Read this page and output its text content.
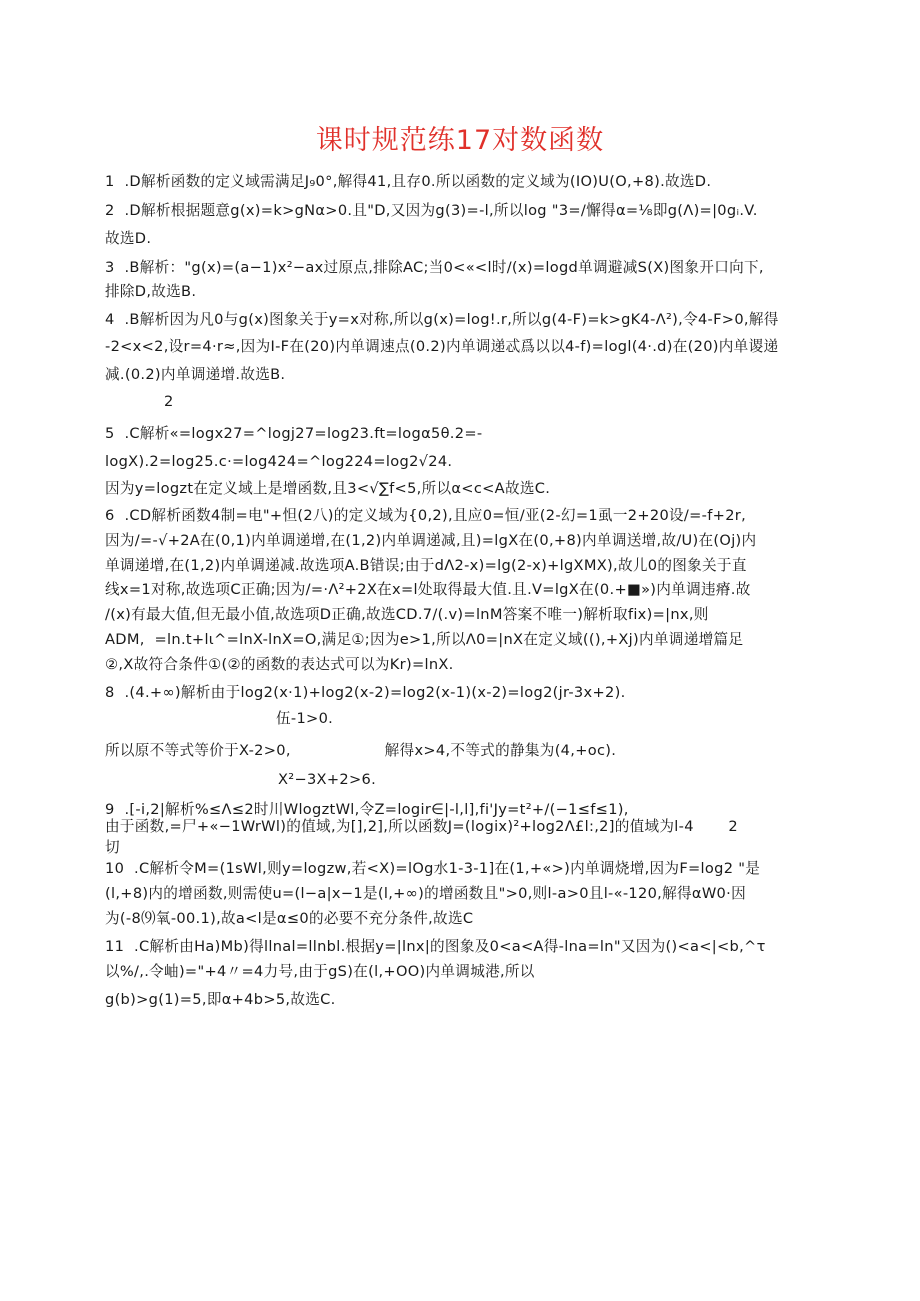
课时规范练17对数函数
1  .D解析函数的定义域需满足J₉0°,解得41,且存0.所以函数的定义域为(IO)U(O,+8).故选D.
2  .D解析根据题意g(x)=k>gNα>0.且"D,又因为g(3)=-l,所以log "3=/懈得α=⅛即g(Λ)=|0gᵢ.V.
故选D.
3  .B解析："g(x)=(a−1)x²−ax过原点,排除AC;当0<«<l时/(x)=logd单调避减S(X)图象开口向下,
排除D,故选B.
4  .B解析因为凡0与g(x)图象关于y=x对称,所以g(x)=log!.r,所以g(4-F)=k>gK4-Λ²),令4-F>0,解得
-2<x<2,设r=4·r≈,因为I-F在(20)内单调速点(0.2)内单调递忒爲以以4-f)=logl(4·.d)在(20)内单谡递
减.(0.2)内单调递增.故选B.
2
5  .C解析«=logx27=^logj27=log23.ft=logα5θ.2=-
logX).2=log25.c·=log424=^log224=log2√24.
因为y=logzt在定义域上是增函数,且3<√∑f<5,所以α<c<A故选C.
6  .CD解析函数4制=电"+怛(2八)的定义域为{0,2),且应0=恒/亚(2-幻=1虱一2+20设/=-f+2r,
因为/=-√+2A在(0,1)内单调递增,在(1,2)内单调递减,且)=lgX在(0,+8)内单调送增,故/U)在(Oj)内
单调递增,在(1,2)内单调递减.故选项A.B错误;由于dΛ2-x)=lg(2-x)+lgXMX),故儿0的图象关于直
线x=1对称,故选项C正确;因为/=·Λ²+2X在x=l处取得最大值.且.V=lgX在(0.+■»)内单调违瘠.故
/(x)有最大值,但无最小值,故选项D正确,故选CD.7/(.v)=lnM答案不唯一)解析取fix)=|nx,则
ADM,  =ln.t+lι^=lnX-lnX=O,满足①;因为e>1,所以Λ0=|nX在定义域((),+Xj)内单调递增篇足
②,X故符合条件①(②的函数的表达式可以为Kr)=lnX.
8  .(4.+∞)解析由于log2(x·1)+log2(x-2)=log2(x-1)(x-2)=log2(jr-3x+2).
伍-1>0.
所以原不等式等价于X-2>0,                   解得x>4,不等式的静集为(4,+oc).
X²−3X+2>6.
9  .[-i,2|解析%≤Λ≤2时川WlogztWl,令Z=logir∈|-l,l],fi'Jy=t²+/(−1≤f≤1),
由于函数,=尸+«−1WrWl)的值域,为[],2],所以函数J=(logix)²+log2Λ£l:,2]的值域为l-4       2
切
10  .C解析令M=(1sWl,则y=logzw,若<X)=lOg水1-3-1]在(1,+«>)内单调烧增,因为F=log2 "是
(l,+8)内的增函数,则需使u=(l−a|x−1是(l,+∞)的增函数且">0,则l-a>0且l-«-120,解得αW0·因
为(-8⑼氧-00.1),故a<l是α≤0的必要不充分条件,故选C
11  .C解析由Ha)Mb)得llnal=llnbl.根据y=|lnx|的图象及0<a<A得-lna=ln"又因为()<a<|<b,^τ
以%/,.令岫)="+4〃=4力号,由于gS)在(l,+OO)内单调城港,所以
g(b)>g(1)=5,即α+4b>5,故选C.
